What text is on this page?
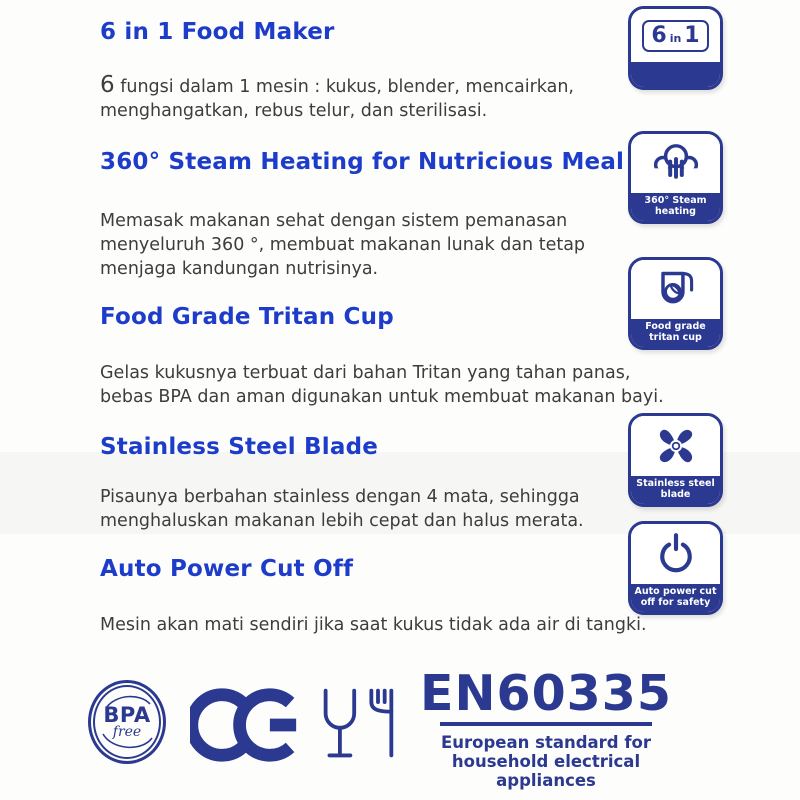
6 in 1 Food Maker
6 fungsi dalam 1 mesin : kukus, blender, mencairkan,
menghangatkan, rebus telur, dan sterilisasi.
360° Steam Heating for Nutricious Meal
Memasak makanan sehat dengan sistem pemanasan
menyeluruh 360 °, membuat makanan lunak dan tetap
menjaga kandungan nutrisinya.
Food Grade Tritan Cup
Gelas kukusnya terbuat dari bahan Tritan yang tahan panas,
bebas BPA dan aman digunakan untuk membuat makanan bayi.
Stainless Steel Blade
Pisaunya berbahan stainless dengan 4 mata, sehingga
menghaluskan makanan lebih cepat dan halus merata.
Auto Power Cut Off
Mesin akan mati sendiri jika saat kukus tidak ada air di tangki.
6 in 1
360° Steam
heating
Food grade
tritan cup
Stainless steel
blade
Auto power cut
off for safety
BPA
free
EN60335
European standard for
household electrical appliances
